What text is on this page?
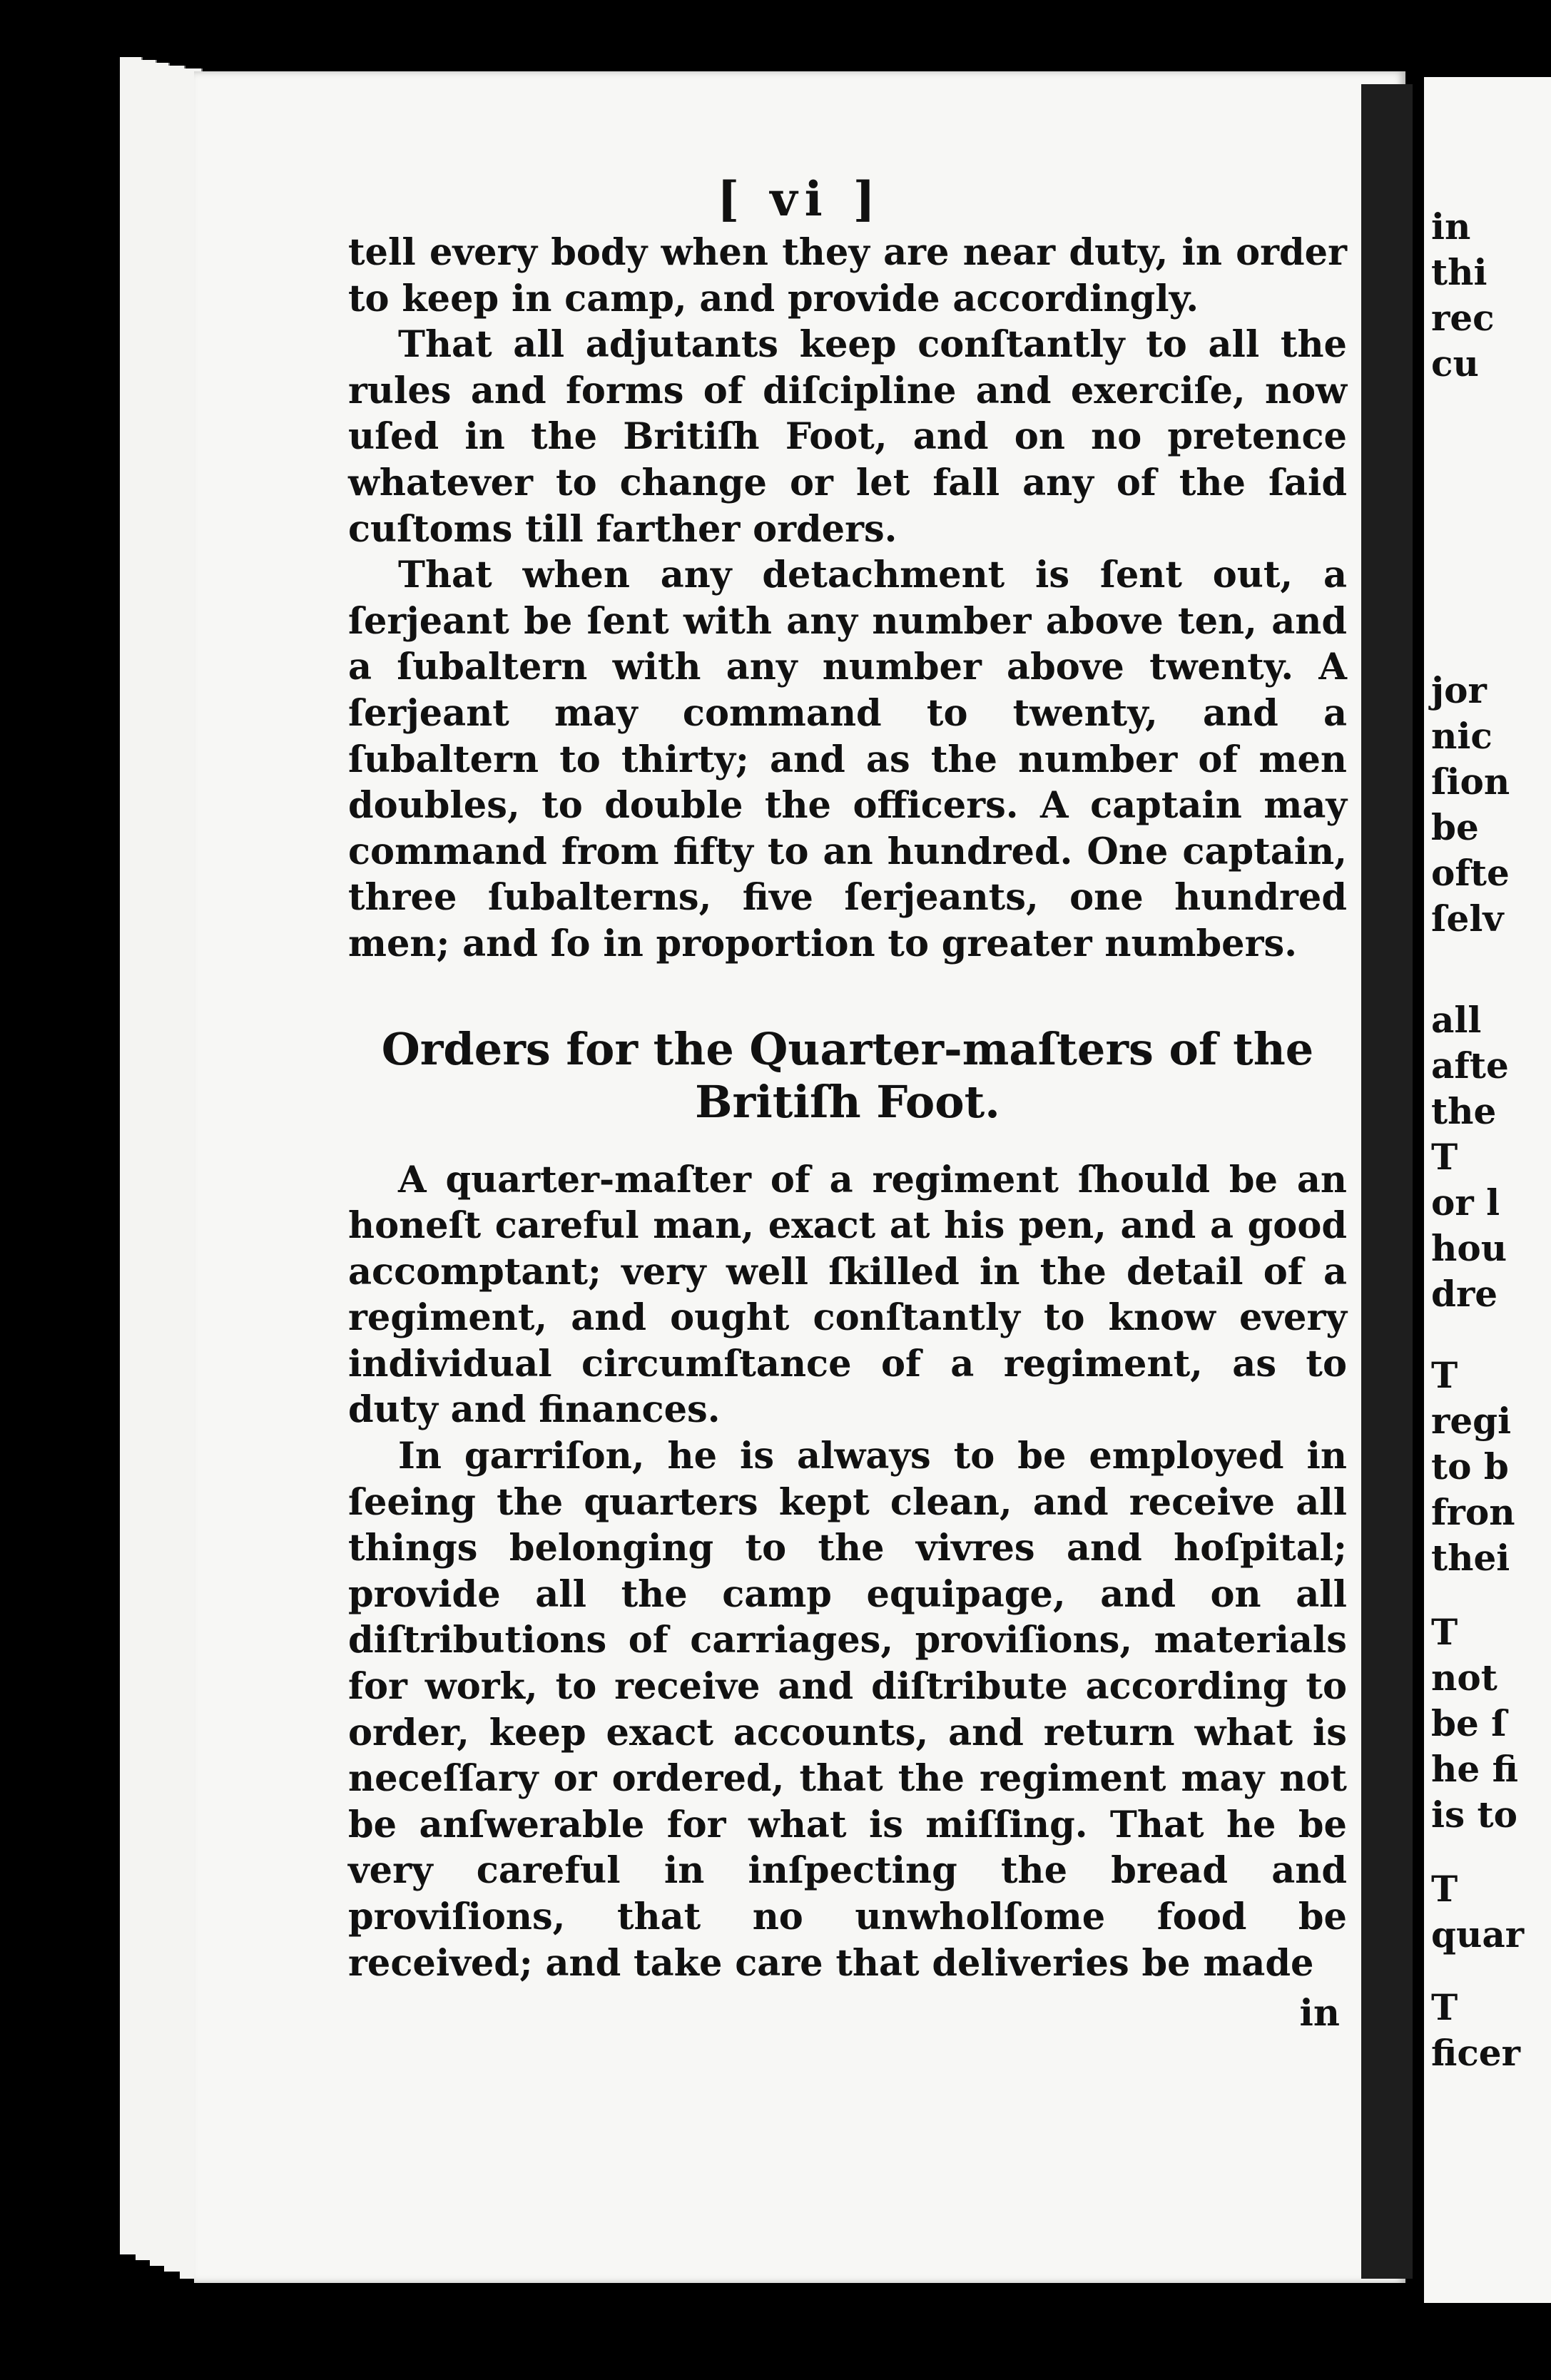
[ vi ]

tell every body when they are near duty, in order to keep in camp, and provide accordingly.

That all adjutants keep conſtantly to all the rules and forms of diſcipline and exerciſe, now uſed in the Britiſh Foot, and on no pretence whatever to change or let fall any of the ſaid cuſtoms till farther orders.

That when any detachment is ſent out, a ſerjeant be ſent with any number above ten, and a ſubaltern with any number above twenty. A ſerjeant may command to twenty, and a ſubaltern to thirty; and as the number of men doubles, to double the officers. A captain may command from fifty to an hundred. One captain, three ſubalterns, five ſerjeants, one hundred men; and ſo in proportion to greater numbers.

Orders for the Quarter-maſters of the Britiſh Foot.

A quarter-maſter of a regiment ſhould be an honeſt careful man, exact at his pen, and a good accomptant; very well ſkilled in the detail of a regiment, and ought conſtantly to know every individual circumſtance of a regiment, as to duty and finances.

In garriſon, he is always to be employed in ſeeing the quarters kept clean, and receive all things belonging to the vivres and hoſpital; provide all the camp equipage, and on all diſtributions of carriages, proviſions, materials for work, to receive and diſtribute according to order, keep exact accounts, and return what is neceſſary or ordered, that the regiment may not be anſwerable for what is miſſing. That he be very careful in inſpecting the bread and proviſions, that no unwholſome food be received; and take care that deliveries be made

in
in
thi
rec
cu
jor
nic
ſion
be
ofte
ſelv
all
afte
the
T
or l
hou
dre
T
regi
to b
fron
thei
T
not
be ſ
he fi
is to
T
quar
T
ficer
